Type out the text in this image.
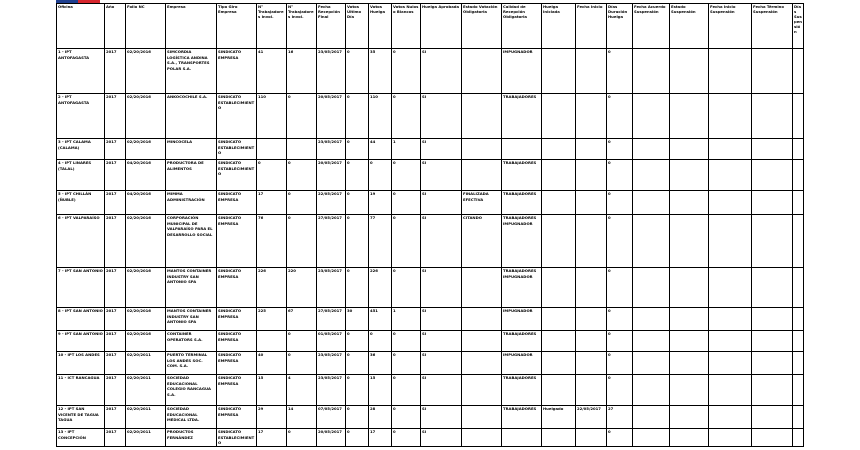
Oficina	Año	Folio NC	Empresa	Tipo Giro Empresa	N° Trabajadores Invol.	N° Trabajadores Invol.	Fecha Recepción Final	Votos Último Día	Votos Huelga	Votos Nulos o Blancos	Huelga Aprobada	Estado Votación Obligatoria	Calidad de Recepción Obligatoria	Huelga Iniciada	Fecha Inicio	Días Duración Huelga	Fecha Acuerdo Suspensión	Estado Suspensión	Fecha Inicio Suspensión	Fecha Término Suspensión	Días Suspensión
1 - IPT ANTOFAGASTA	2017	02/20/2016	SIMCORDIA LOGÍSTICA ANDINA S.A., TRANSPORTES POLAR S.A.	SINDICATO EMPRESA	41	16	23/05/2017	0	35	0	SI		IMPUGNADOR			0					
2 - IPT ANTOFAGASTA	2017	02/20/2016	ANKOCOCHILE S.A.	SINDICATO ESTABLECIMIENTO	110	0	20/05/2017	0	110	0	SI		TRABAJADORES			0					
3 - IPT CALAMA (CALAMA)	2017	02/20/2016	MINCOCELA	SINDICATO ESTABLECIMIENTO			23/05/2017	0	44	1	SI					0					
4 - IPT LINARES (TALAL)	2017	04/20/2016	PRODUCTORA DE ALIMENTOS	SINDICATO ESTABLECIMIENTO	0	0	20/05/2017	0	0	0	SI		TRABAJADORES			0					
5 - IPT CHILLÁN (ÑUBLE)	2017	04/20/2016	MIMMA ADMINISTRACIÓN	SINDICATO EMPRESA	17	0	22/05/2017	0	19	0	SI	FINALIZADA EFECTIVA	TRABAJADORES			0					
6 - IPT VALPARAÍSO	2017	02/20/2016	CORPORACIÓN MUNICIPAL DE VALPARAÍSO PARA EL DESARROLLO SOCIAL	SINDICATO EMPRESA	76	0	27/05/2017	0	77	0	SI	CITANDO	TRABAJADORES IMPUGNADOR			0					
7 - IPT SAN ANTONIO	2017	02/20/2016	MANTOS CONTAINER INDUSTRY SAN ANTONIO SPA	SINDICATO EMPRESA	226	220	23/05/2017	0	226	0	SI		TRABAJADORES IMPUGNADOR			0					
8 - IPT SAN ANTONIO	2017	02/20/2016	MANTOS CONTAINER INDUSTRY SAN ANTONIO SPA	SINDICATO EMPRESA	225	67	27/05/2017	30	451	1	SI		IMPUGNADOR			0					
9 - IPT SAN ANTONIO	2017	02/20/2016	CONTAINER OPERATORS S.A.	SINDICATO EMPRESA		0	01/05/2017	0	0	0	SI		TRABAJADORES			0					
10 - IPT LOS ANDES	2017	02/20/2011	PUERTO TERMINAL LOS ANDES SOC. COM. S.A.	SINDICATO EMPRESA	40	0	23/05/2017	0	36	0	SI		IMPUGNADOR			0					
11 - ICT RANCAGUA	2017	02/20/2011	SOCIEDAD EDUCACIONAL COLEGIO RANCAGUA S.A.	SINDICATO EMPRESA	15	4	23/05/2017	0	15	0	SI		TRABAJADORES			0					
12 - IPT SAN VICENTE DE TAGUA TAGUA	2017	02/20/2011	SOCIEDAD EDUCACIONAL MEDICAL LTDA.	SINDICATO EMPRESA	29	14	07/05/2017	0	28	0	SI		TRABAJADORES	Huelgado	22/05/2017	27					
13 - IPT CONCEPCIÓN	2017	02/20/2011	PRODUCTOS FERNÁNDEZ	SINDICATO ESTABLECIMIENTO	17	0	20/05/2017	0	17	0	SI					0					
